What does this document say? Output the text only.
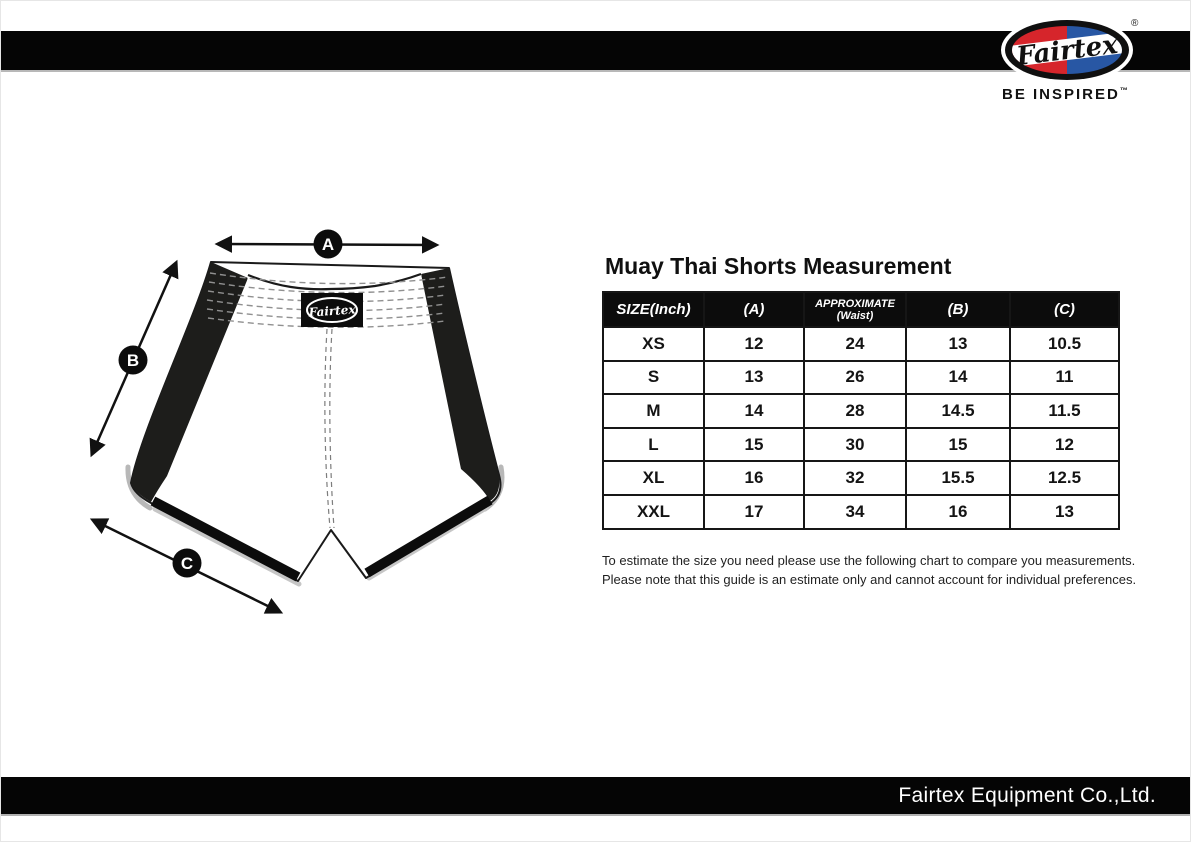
Fairtex
®
BE INSPIRED™
Fairtex
A
B
C
Muay Thai Shorts Measurement
SIZE(Inch)	(A)	APPROXIMATE
(Waist)	(B)	(C)
XS	12	24	13	10.5
S	13	26	14	11
M	14	28	14.5	11.5
L	15	30	15	12
XL	16	32	15.5	12.5
XXL	17	34	16	13
To estimate the size you need please use the following chart to compare you measurements.
Please note that this guide is an estimate only and cannot account for individual preferences.
Fairtex Equipment Co.,Ltd.
